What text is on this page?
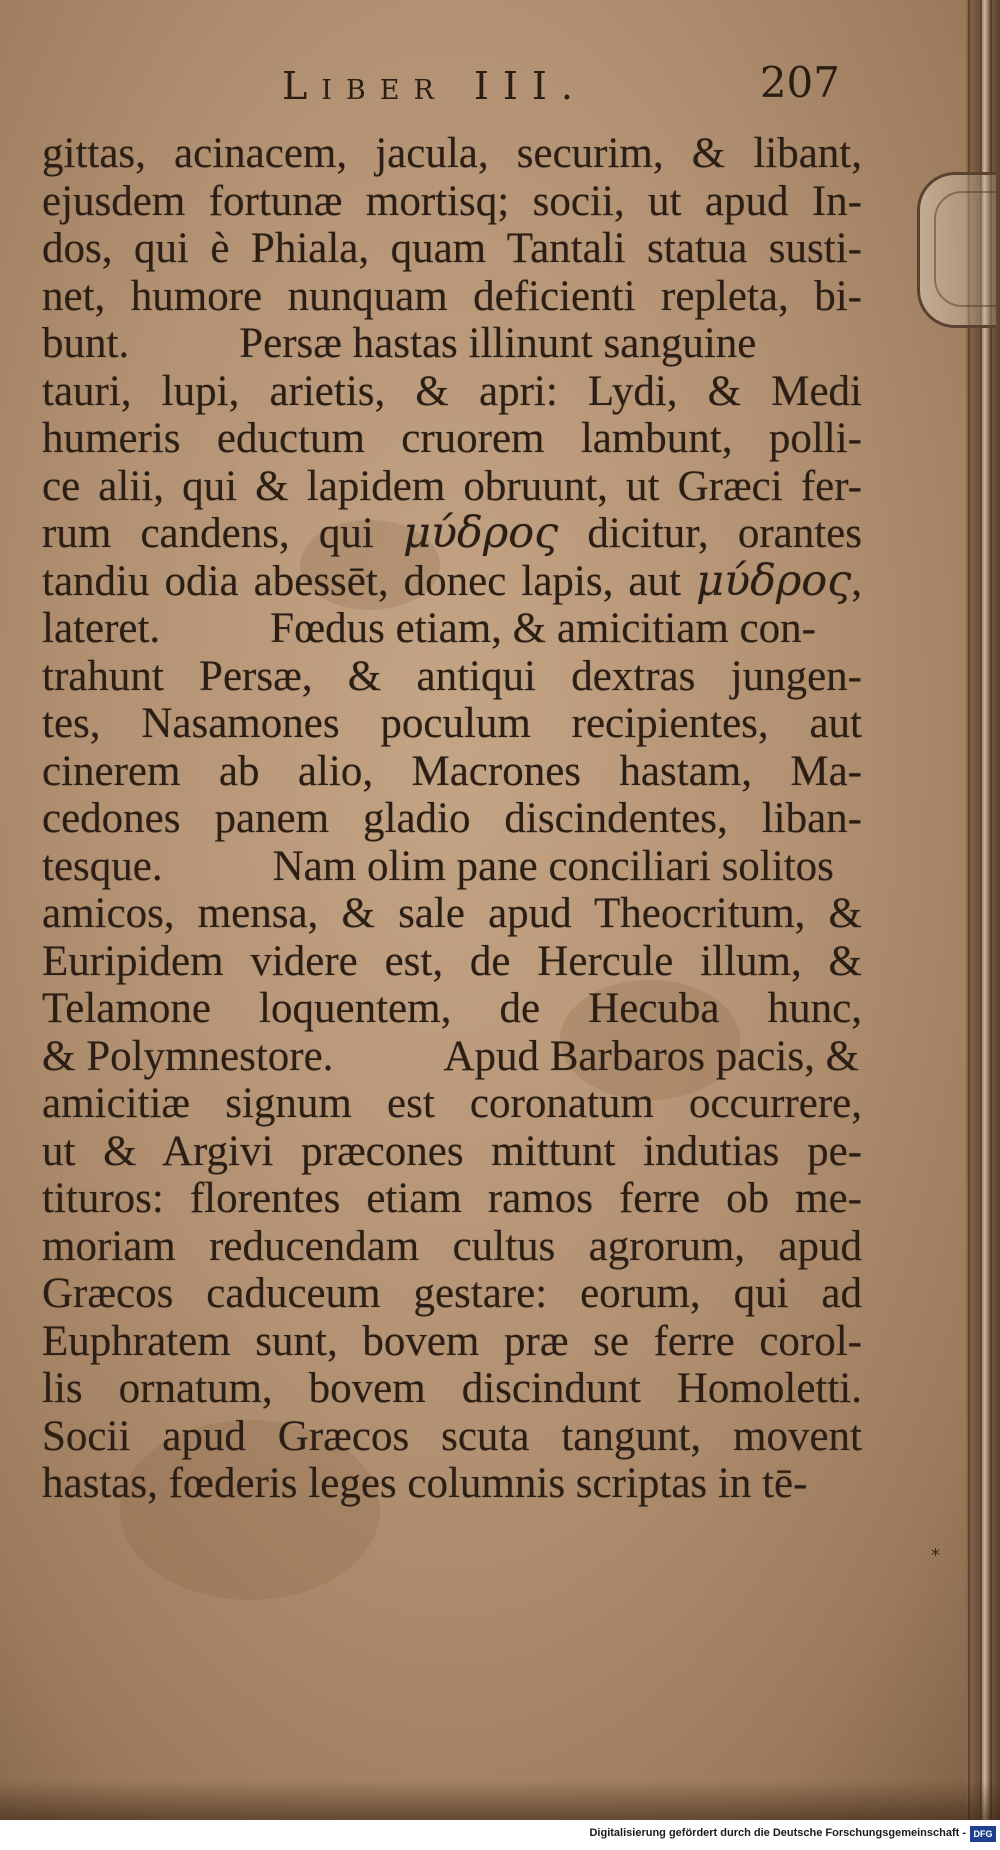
Liber III.	207
gittas, acinacem, jacula, securim, & libant,
ejusdem fortunæ mortisq; socii, ut apud In-
dos, qui è Phiala, quam Tantali statua susti-
net, humore nunquam deficienti repleta, bi-
bunt.	Persæ hastas illinunt sanguine
tauri, lupi, arietis, & apri: Lydi, & Medi
humeris eductum cruorem lambunt, polli-
ce alii, qui & lapidem obruunt, ut Græci fer-
rum candens, qui μύδρος dicitur, orantes
tandiu odia abessēt, donec lapis, aut μύδρος,
lateret.	Fœdus etiam, & amicitiam con-
trahunt Persæ, & antiqui dextras jungen-
tes, Nasamones poculum recipientes, aut
cinerem ab alio, Macrones hastam, Ma-
cedones panem gladio discindentes, liban-
tesque.	Nam olim pane conciliari solitos
amicos, mensa, & sale apud Theocritum, &
Euripidem videre est, de Hercule illum, &
Telamone loquentem, de Hecuba hunc,
& Polymnestore.	Apud Barbaros pacis, &
amicitiæ signum est coronatum occurrere,
ut & Argivi præcones mittunt indutias pe-
tituros: florentes etiam ramos ferre ob me-
moriam reducendam cultus agrorum, apud
Græcos caduceum gestare: eorum, qui ad
Euphratem sunt, bovem præ se ferre corol-
lis ornatum, bovem discindunt Homoletti.
Socii apud Græcos scuta tangunt, movent
hastas, fœderis leges columnis scriptas in tē-
*
Digitalisierung gefördert durch die Deutsche Forschungsgemeinschaft - DFG
